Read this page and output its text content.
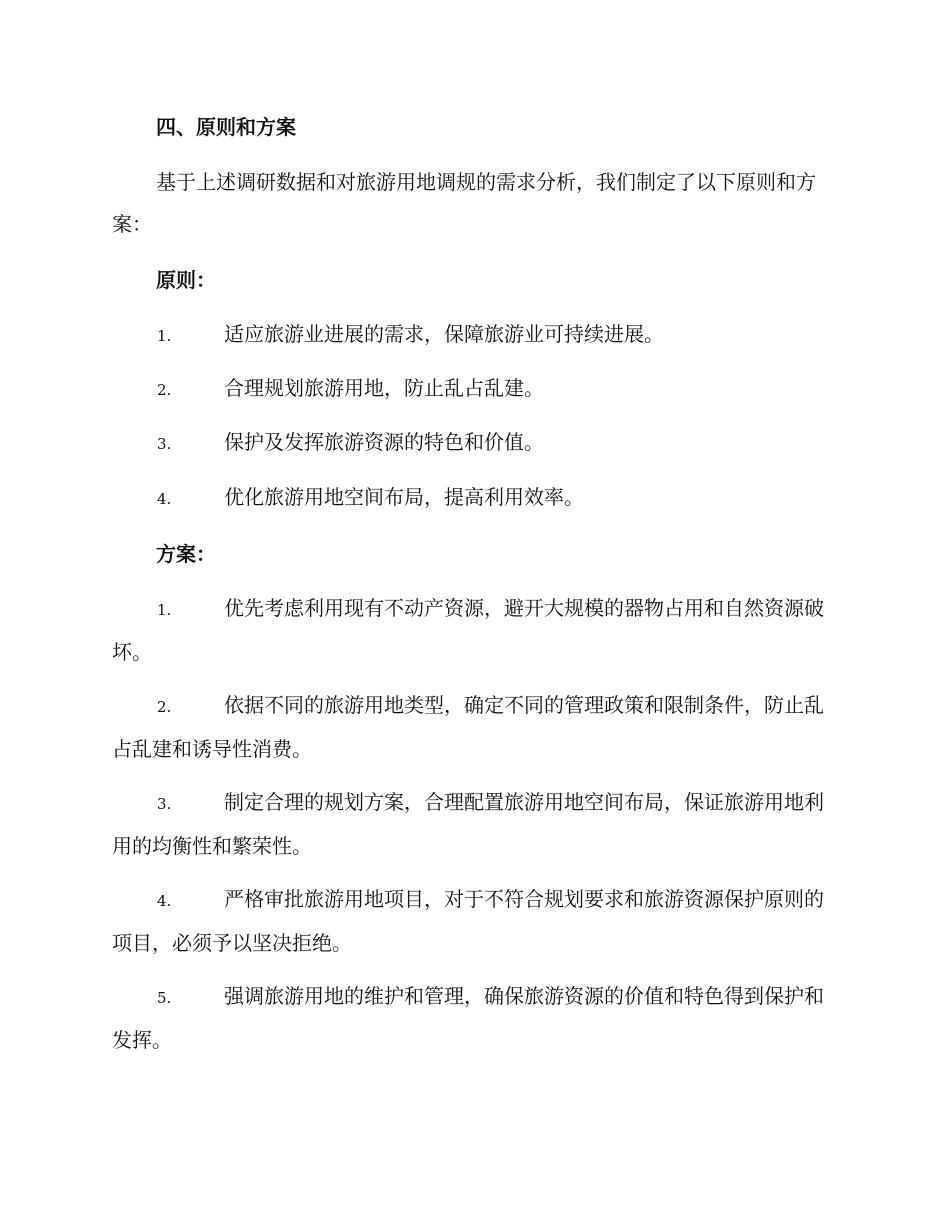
四、原则和方案
基于上述调研数据和对旅游用地调规的需求分析，我们制定了以下原则和方案：
原则：
1.	适应旅游业进展的需求，保障旅游业可持续进展。
2.	合理规划旅游用地，防止乱占乱建。
3.	保护及发挥旅游资源的特色和价值。
4.	优化旅游用地空间布局，提高利用效率。
方案：
1.	优先考虑利用现有不动产资源，避开大规模的器物占用和自然资源破坏。
2.	依据不同的旅游用地类型，确定不同的管理政策和限制条件，防止乱占乱建和诱导性消费。
3.	制定合理的规划方案，合理配置旅游用地空间布局，保证旅游用地利用的均衡性和繁荣性。
4.	严格审批旅游用地项目，对于不符合规划要求和旅游资源保护原则的项目，必须予以坚决拒绝。
5.	强调旅游用地的维护和管理，确保旅游资源的价值和特色得到保护和发挥。
